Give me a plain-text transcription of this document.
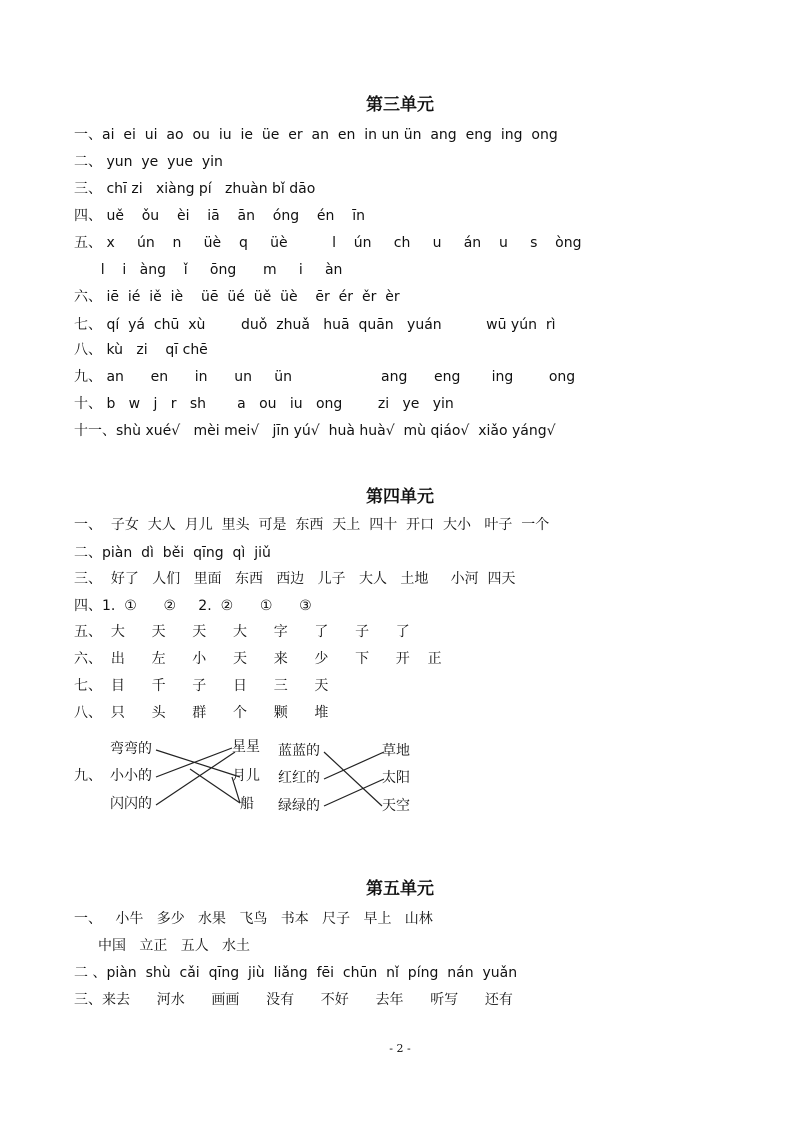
第三单元
一、ai  ei  ui  ao  ou  iu  ie  üe  er  an  en  in un ün  ang  eng  ing  ong
二、 yun  ye  yue  yin
三、 chī zi   xiàng pí   zhuàn bǐ dāo
四、 uě    ǒu    èi    iā    ān    óng    én    īn
五、 x     ún    n     üè    q     üè          l    ún     ch     u     án    u     s    òng
l    i   àng    ǐ     ōng      m     i     àn
六、 iē  ié  iě  iè    üē  üé  üě  üè    ēr  ér  ěr  èr
七、 qí  yá  chū  xù        duǒ  zhuǎ   huā  quān   yuán          wū yún  rì
八、 kù   zi    qī chē
九、 an      en      in      un     ün                    ang      eng       ing        ong
十、 b   w   j   r   sh       a   ou   iu   ong        zi   ye   yin
十一、shù xué√   mèi mei√   jīn yú√  huà huà√  mù qiáo√  xiǎo yáng√
第四单元
一、  子女  大人  月儿  里头  可是  东西  天上  四十  开口  大小   叶子  一个
二、piàn  dì  běi  qīng  qì  jiǔ
三、  好了   人们   里面   东西   西边   儿子   大人   土地     小河  四天
四、1.  ①      ②     2.  ②      ①      ③
五、  大      天      天      大      字      了      子      了
六、  出      左      小      天      来      少      下      开    正
七、  目      千      子      日      三      天
八、  只      头      群      个      颗      堆
九、
弯弯的
小小的
闪闪的
星星
月儿
船
蓝蓝的
红红的
绿绿的
草地
太阳
天空
第五单元
一、   小牛   多少   水果   飞鸟   书本   尺子   早上   山林
中国   立正   五人   水土
二 、piàn  shù  cǎi  qīng  jiù  liǎng  fēi  chūn  nǐ  píng  nán  yuǎn
三、来去      河水      画画      没有      不好      去年      听写      还有
- 2 -
